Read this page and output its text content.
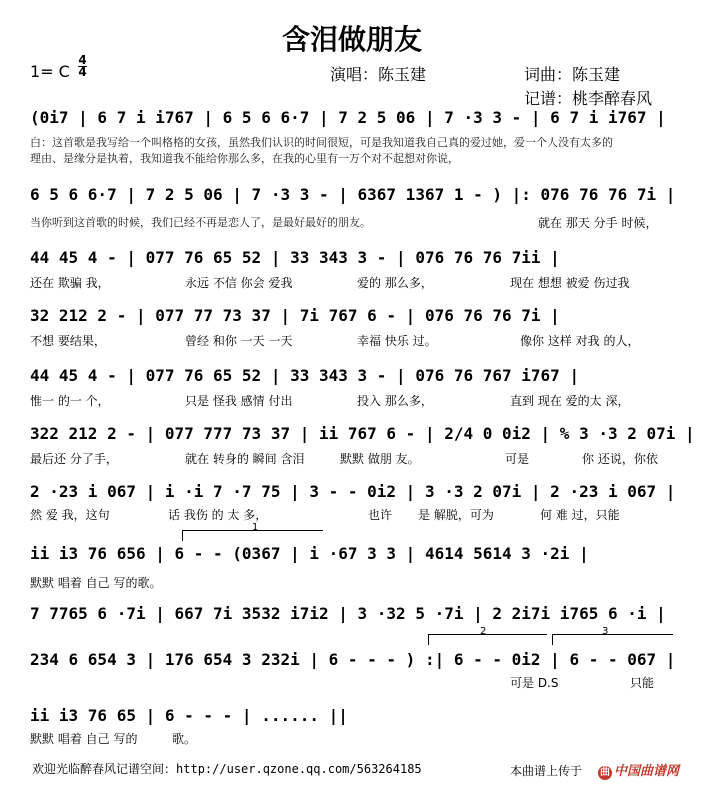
含泪做朋友
1= C
4
4	演唱：陈玉建	词曲：陈玉建
记谱：桃李醉春风
(0i7 | 6 7 i i767 | 6 5 6 6·7 | 7 2 5 06 | 7 ·3 3 - | 6 7 i i767 |
白：这首歌是我写给一个叫格格的女孩，虽然我们认识的时间很短，可是我知道我自己真的爱过她，爱一个人没有太多的
理由、是缘分是执着，我知道我不能给你那么多，在我的心里有一万个对不起想对你说，
6 5 6 6·7 | 7 2 5 06 | 7 ·3 3 - | 6367 1367 1 - ) |: 076 76 76 7i |
当你听到这首歌的时候，我们已经不再是恋人了，是最好最好的朋友。	就在 那天 分手 时候，
44 45 4 - | 077 76 65 52 | 33 343 3 - | 076 76 76 7ii |
还在 欺骗 我，	永远 不信 你会 爱我	爱的 那么多，	现在 想想 被爱 伤过我
32 212 2 - | 077 77 73 37 | 7i 767 6 - | 076 76 76 7i |
不想 要结果，	曾经 和你 一天 一天	幸福 快乐 过。	像你 这样 对我 的人，
44 45 4 - | 077 76 65 52 | 33 343 3 - | 076 76 767 i767 |
惟一 的一 个，	只是 怪我 感情 付出	投入 那么多，	直到 现在 爱的太 深，
322 212 2 - | 077 777 73 37 | ii 767 6 - | 2/4 0 0i2 | % 3 ·3 2 07i |
最后还 分了手，	就在 转身的 瞬间 含泪	默默 做朋 友。	可是	你 还说，你依
2 ·23 i 067 | i ·i 7 ·7 75 | 3 - - 0i2 | 3 ·3 2 07i | 2 ·23 i 067 |
然 爱 我，这句	话 我伤 的 太 多，	也许 是 解脱，可为	何 难 过，只能
1
ii i3 76 656 | 6 - - (0367 | i ·67 3 3 | 4614 5614 3 ·2i |
默默 唱着 自己 写的歌。
7 7765 6 ·7i | 667 7i 3532 i7i2 | 3 ·32 5 ·7i | 2 2i7i i765 6 ·i |
2	3
234 6 654 3 | 176 654 3 232i | 6 - - - ) :| 6 - - 0i2 | 6 - - 067 |
可是 D.S	只能
ii i3 76 65 | 6 - - - | ...... ||
默默 唱着 自己 写的	歌。
欢迎光临醉春风记谱空间：http://user.qzone.qq.com/563264185	本曲谱上传于 曲 中国曲谱网
